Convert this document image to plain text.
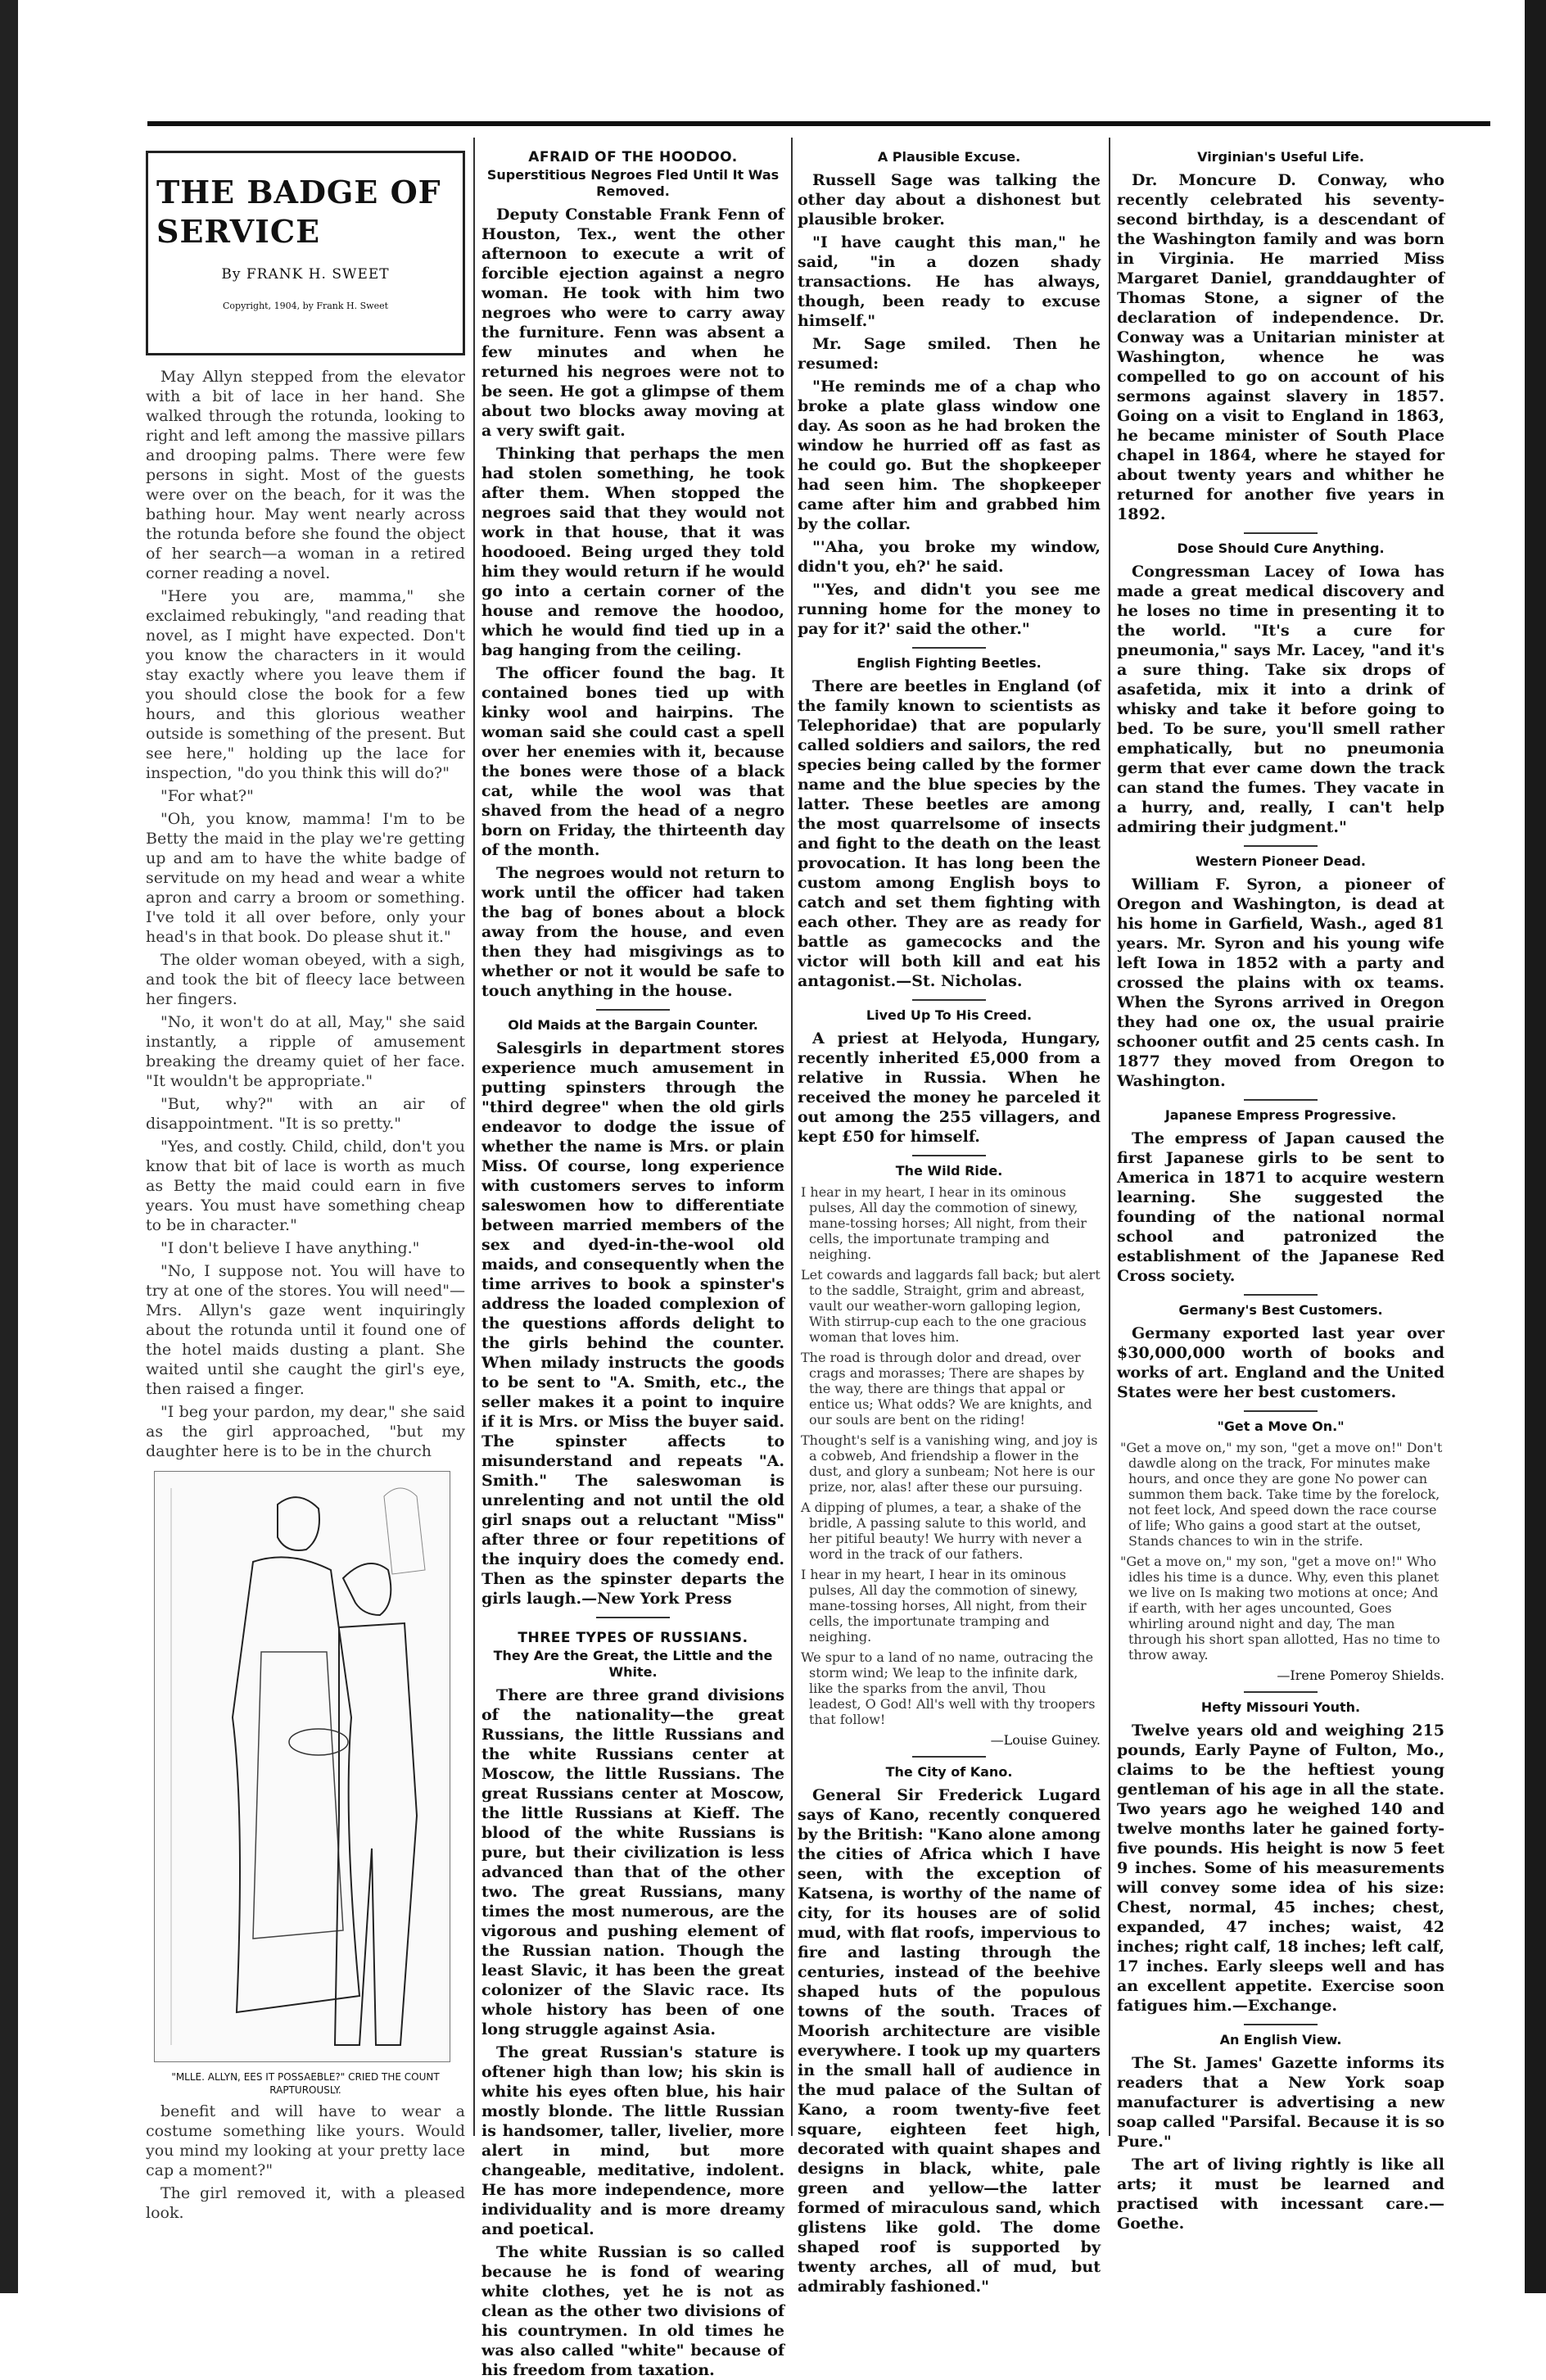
THE BADGE OF SERVICE
By FRANK H. SWEET
Copyright, 1904, by Frank H. Sweet

May Allyn stepped from the elevator with a bit of lace in her hand. She walked through the rotunda, looking to right and left among the massive pillars and drooping palms. There were few persons in sight. Most of the guests were over on the beach, for it was the bathing hour. May went nearly across the rotunda before she found the object of her search—a woman in a retired corner reading a novel.

"Here you are, mamma," she exclaimed rebukingly, "and reading that novel, as I might have expected. Don't you know the characters in it would stay exactly where you leave them if you should close the book for a few hours, and this glorious weather outside is something of the present. But see here," holding up the lace for inspection, "do you think this will do?"

"For what?"

"Oh, you know, mamma! I'm to be Betty the maid in the play we're getting up and am to have the white badge of servitude on my head and wear a white apron and carry a broom or something. I've told it all over before, only your head's in that book. Do please shut it."

The older woman obeyed, with a sigh, and took the bit of fleecy lace between her fingers.

"No, it won't do at all, May," she said instantly, a ripple of amusement breaking the dreamy quiet of her face. "It wouldn't be appropriate."

"But, why?" with an air of disappointment. "It is so pretty."

"Yes, and costly. Child, child, don't you know that bit of lace is worth as much as Betty the maid could earn in five years. You must have something cheap to be in character."

"I don't believe I have anything."

"No, I suppose not. You will have to try at one of the stores. You will need"— Mrs. Allyn's gaze went inquiringly about the rotunda until it found one of the hotel maids dusting a plant. She waited until she caught the girl's eye, then raised a finger.

"I beg your pardon, my dear," she said as the girl approached, "but my daughter here is to be in the church

"MLLE. ALLYN, EES IT POSSAEBLE?" CRIED THE COUNT RAPTUROUSLY.

benefit and will have to wear a costume something like yours. Would you mind my looking at your pretty lace cap a moment?"

The girl removed it, with a pleased look.

AFRAID OF THE HOODOO.
Superstitious Negroes Fled Until It Was Removed.

Deputy Constable Frank Fenn of Houston, Tex., went the other afternoon to execute a writ of forcible ejection against a negro woman. He took with him two negroes who were to carry away the furniture. Fenn was absent a few minutes and when he returned his negroes were not to be seen. He got a glimpse of them about two blocks away moving at a very swift gait.

Thinking that perhaps the men had stolen something, he took after them. When stopped the negroes said that they would not work in that house, that it was hoodooed. Being urged they told him they would return if he would go into a certain corner of the house and remove the hoodoo, which he would find tied up in a bag hanging from the ceiling.

The officer found the bag. It contained bones tied up with kinky wool and hairpins. The woman said she could cast a spell over her enemies with it, because the bones were those of a black cat, while the wool was that shaved from the head of a negro born on Friday, the thirteenth day of the month.

The negroes would not return to work until the officer had taken the bag of bones about a block away from the house, and even then they had misgivings as to whether or not it would be safe to touch anything in the house.

Old Maids at the Bargain Counter.

Salesgirls in department stores experience much amusement in putting spinsters through the "third degree" when the old girls endeavor to dodge the issue of whether the name is Mrs. or plain Miss. Of course, long experience with customers serves to inform saleswomen how to differentiate between married members of the sex and dyed-in-the-wool old maids, and consequently when the time arrives to book a spinster's address the loaded complexion of the questions affords delight to the girls behind the counter. When milady instructs the goods to be sent to "A. Smith, etc., the seller makes it a point to inquire if it is Mrs. or Miss the buyer said. The spinster affects to misunderstand and repeats "A. Smith." The saleswoman is unrelenting and not until the old girl snaps out a reluctant "Miss" after three or four repetitions of the inquiry does the comedy end. Then as the spinster departs the girls laugh.—New York Press

THREE TYPES OF RUSSIANS.
They Are the Great, the Little and the White.

There are three grand divisions of the nationality—the great Russians, the little Russians and the white Russians center at Moscow, the little Russians. The great Russians center at Moscow, the little Russians at Kieff. The blood of the white Russians is pure, but their civilization is less advanced than that of the other two. The great Russians, many times the most numerous, are the vigorous and pushing element of the Russian nation. Though the least Slavic, it has been the great colonizer of the Slavic race. Its whole history has been of one long struggle against Asia.

The great Russian's stature is oftener high than low; his skin is white his eyes often blue, his hair mostly blonde. The little Russian is handsomer, taller, livelier, more alert in mind, but more changeable, meditative, indolent. He has more independence, more individuality and is more dreamy and poetical.

The white Russian is so called because he is fond of wearing white clothes, yet he is not as clean as the other two divisions of his countrymen. In old times he was also called "white" because of his freedom from taxation.

A Plausible Excuse.

Russell Sage was talking the other day about a dishonest but plausible broker.

"I have caught this man," he said, "in a dozen shady transactions. He has always, though, been ready to excuse himself."

Mr. Sage smiled. Then he resumed:

"He reminds me of a chap who broke a plate glass window one day. As soon as he had broken the window he hurried off as fast as he could go. But the shopkeeper had seen him. The shopkeeper came after him and grabbed him by the collar.

"'Aha, you broke my window, didn't you, eh?' he said.

"'Yes, and didn't you see me running home for the money to pay for it?' said the other."

English Fighting Beetles.

There are beetles in England (of the family known to scientists as Telephoridae) that are popularly called soldiers and sailors, the red species being called by the former name and the blue species by the latter. These beetles are among the most quarrelsome of insects and fight to the death on the least provocation. It has long been the custom among English boys to catch and set them fighting with each other. They are as ready for battle as gamecocks and the victor will both kill and eat his antagonist.—St. Nicholas.

Lived Up To His Creed.

A priest at Helyoda, Hungary, recently inherited £5,000 from a relative in Russia. When he received the money he parceled it out among the 255 villagers, and kept £50 for himself.

The Wild Ride.

I hear in my heart, I hear in its ominous pulses, All day the commotion of sinewy, mane-tossing horses; All night, from their cells, the importunate tramping and neighing.

Let cowards and laggards fall back; but alert to the saddle, Straight, grim and abreast, vault our weather-worn galloping legion, With stirrup-cup each to the one gracious woman that loves him.

The road is through dolor and dread, over crags and morasses; There are shapes by the way, there are things that appal or entice us; What odds? We are knights, and our souls are bent on the riding!

Thought's self is a vanishing wing, and joy is a cobweb, And friendship a flower in the dust, and glory a sunbeam; Not here is our prize, nor, alas! after these our pursuing.

A dipping of plumes, a tear, a shake of the bridle, A passing salute to this world, and her pitiful beauty! We hurry with never a word in the track of our fathers.

I hear in my heart, I hear in its ominous pulses, All day the commotion of sinewy, mane-tossing horses, All night, from their cells, the importunate tramping and neighing.

We spur to a land of no name, outracing the storm wind; We leap to the infinite dark, like the sparks from the anvil, Thou leadest, O God! All's well with thy troopers that follow!

—Louise Guiney.
The City of Kano.

General Sir Frederick Lugard says of Kano, recently conquered by the British: "Kano alone among the cities of Africa which I have seen, with the exception of Katsena, is worthy of the name of city, for its houses are of solid mud, with flat roofs, impervious to fire and lasting through the centuries, instead of the beehive shaped huts of the populous towns of the south. Traces of Moorish architecture are visible everywhere. I took up my quarters in the small hall of audience in the mud palace of the Sultan of Kano, a room twenty-five feet square, eighteen feet high, decorated with quaint shapes and designs in black, white, pale green and yellow—the latter formed of miraculous sand, which glistens like gold. The dome shaped roof is supported by twenty arches, all of mud, but admirably fashioned."

Virginian's Useful Life.

Dr. Moncure D. Conway, who recently celebrated his seventy-second birthday, is a descendant of the Washington family and was born in Virginia. He married Miss Margaret Daniel, granddaughter of Thomas Stone, a signer of the declaration of independence. Dr. Conway was a Unitarian minister at Washington, whence he was compelled to go on account of his sermons against slavery in 1857. Going on a visit to England in 1863, he became minister of South Place chapel in 1864, where he stayed for about twenty years and whither he returned for another five years in 1892.

Dose Should Cure Anything.

Congressman Lacey of Iowa has made a great medical discovery and he loses no time in presenting it to the world. "It's a cure for pneumonia," says Mr. Lacey, "and it's a sure thing. Take six drops of asafetida, mix it into a drink of whisky and take it before going to bed. To be sure, you'll smell rather emphatically, but no pneumonia germ that ever came down the track can stand the fumes. They vacate in a hurry, and, really, I can't help admiring their judgment."

Western Pioneer Dead.

William F. Syron, a pioneer of Oregon and Washington, is dead at his home in Garfield, Wash., aged 81 years. Mr. Syron and his young wife left Iowa in 1852 with a party and crossed the plains with ox teams. When the Syrons arrived in Oregon they had one ox, the usual prairie schooner outfit and 25 cents cash. In 1877 they moved from Oregon to Washington.

Japanese Empress Progressive.

The empress of Japan caused the first Japanese girls to be sent to America in 1871 to acquire western learning. She suggested the founding of the national normal school and patronized the establishment of the Japanese Red Cross society.

Germany's Best Customers.

Germany exported last year over $30,000,000 worth of books and works of art. England and the United States were her best customers.

"Get a Move On."

"Get a move on," my son, "get a move on!" Don't dawdle along on the track, For minutes make hours, and once they are gone No power can summon them back. Take time by the forelock, not feet lock, And speed down the race course of life; Who gains a good start at the outset, Stands chances to win in the strife.

"Get a move on," my son, "get a move on!" Who idles his time is a dunce. Why, even this planet we live on Is making two motions at once; And if earth, with her ages uncounted, Goes whirling around night and day, The man through his short span allotted, Has no time to throw away.

—Irene Pomeroy Shields.
Hefty Missouri Youth.

Twelve years old and weighing 215 pounds, Early Payne of Fulton, Mo., claims to be the heftiest young gentleman of his age in all the state. Two years ago he weighed 140 and twelve months later he gained forty-five pounds. His height is now 5 feet 9 inches. Some of his measurements will convey some idea of his size: Chest, normal, 45 inches; chest, expanded, 47 inches; waist, 42 inches; right calf, 18 inches; left calf, 17 inches. Early sleeps well and has an excellent appetite. Exercise soon fatigues him.—Exchange.

An English View.

The St. James' Gazette informs its readers that a New York soap manufacturer is advertising a new soap called "Parsifal. Because it is so Pure."

The art of living rightly is like all arts; it must be learned and practised with incessant care.—Goethe.
